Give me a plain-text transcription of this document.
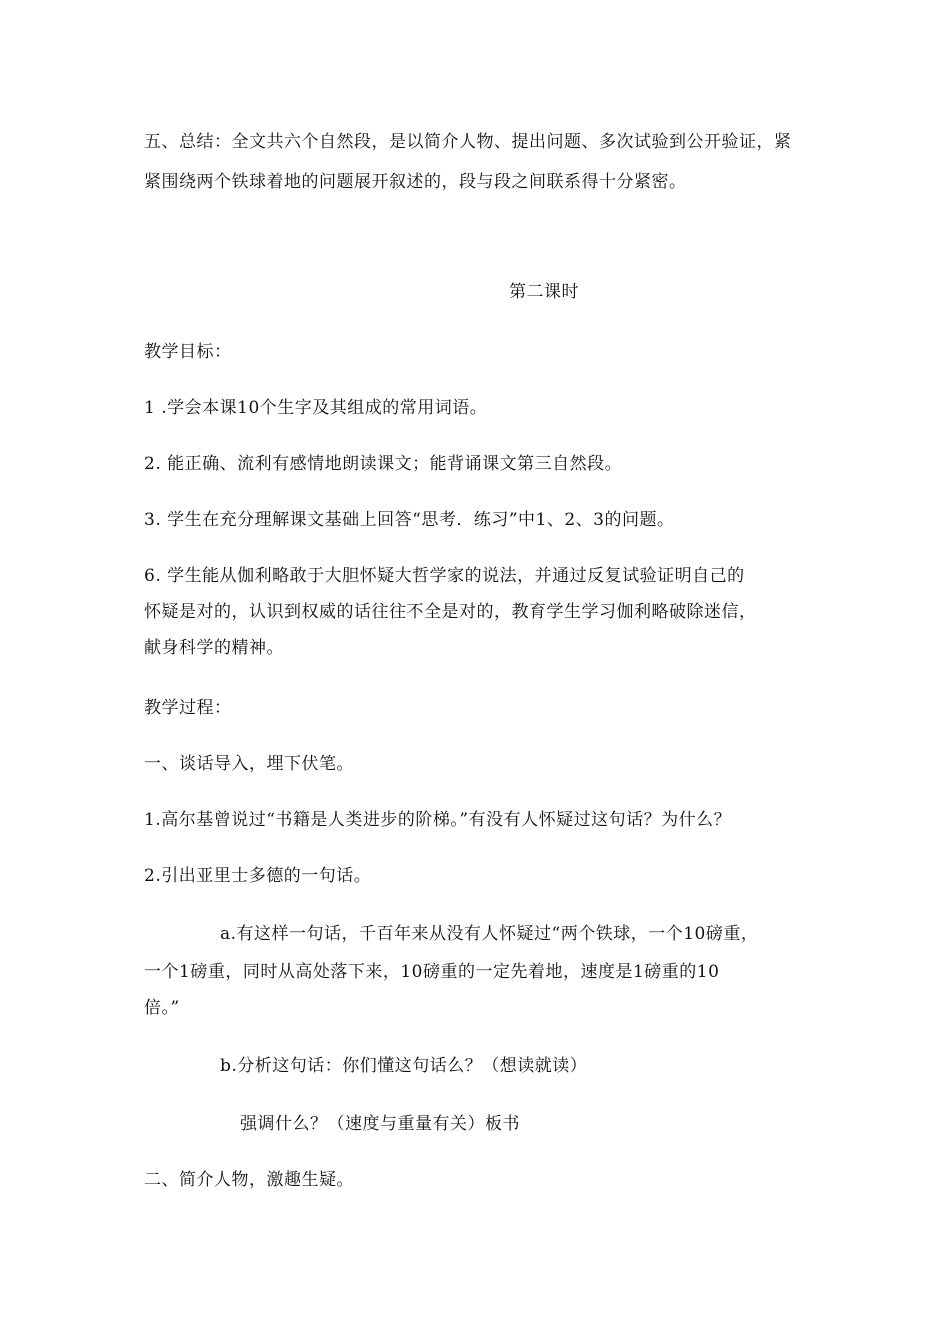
五、总结：全文共六个自然段，是以简介人物、提出问题、多次试验到公开验证，紧
紧围绕两个铁球着地的问题展开叙述的，段与段之间联系得十分紧密。
第二课时
教学目标：
1 .学会本课10个生字及其组成的常用词语。
2. 能正确、流利有感情地朗读课文；能背诵课文第三自然段。
3. 学生在充分理解课文基础上回答“思考．练习”中1、2、3的问题。
6. 学生能从伽利略敢于大胆怀疑大哲学家的说法，并通过反复试验证明自己的
怀疑是对的，认识到权威的话往往不全是对的，教育学生学习伽利略破除迷信，
献身科学的精神。
教学过程：
一、谈话导入，埋下伏笔。
1.高尔基曾说过“书籍是人类进步的阶梯。”有没有人怀疑过这句话？为什么？
2.引出亚里士多德的一句话。
a.有这样一句话，千百年来从没有人怀疑过“两个铁球，一个10磅重，
一个1磅重，同时从高处落下来，10磅重的一定先着地，速度是1磅重的10
倍。”
b.分析这句话：你们懂这句话么？（想读就读）
强调什么？（速度与重量有关）板书
二、简介人物，激趣生疑。
